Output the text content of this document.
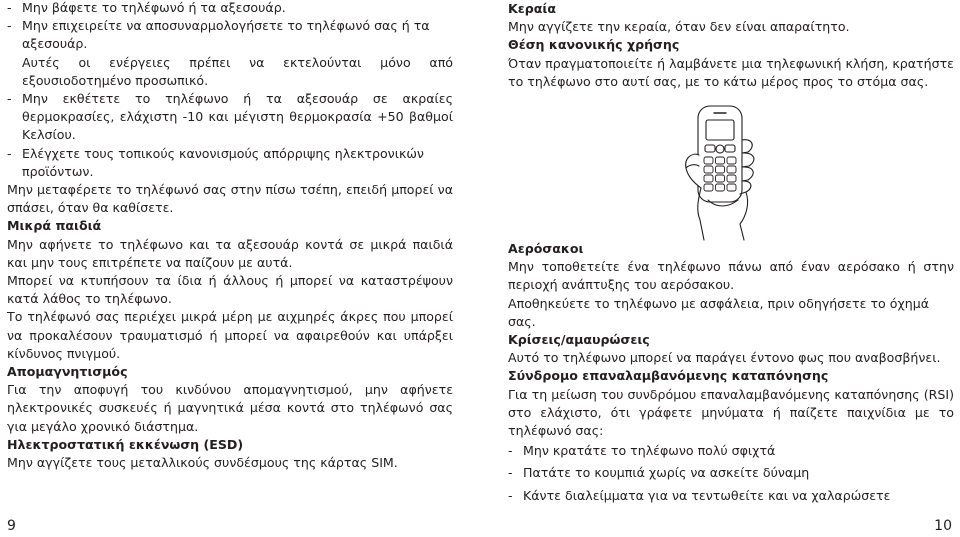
- Μην βάφετε το τηλέφωνό ή τα αξεσουάρ.

- Μην επιχειρείτε να αποσυναρμολογήσετε το τηλέφωνό σας ή τα αξεσουάρ.

Αυτές οι ενέργειες πρέπει να εκτελούνται μόνο από εξουσιοδοτημένο προσωπικό.

- Μην εκθέτετε το τηλέφωνο ή τα αξεσουάρ σε ακραίες θερμοκρασίες, ελάχιστη -10 και μέγιστη θερμοκρασία +50 βαθμοί Κελσίου.

- Ελέγχετε τους τοπικούς κανονισμούς απόρριψης ηλεκτρονικών προϊόντων.

Μην μεταφέρετε το τηλέφωνό σας στην πίσω τσέπη, επειδή μπορεί να σπάσει, όταν θα καθίσετε.

Μικρά παιδιά

Μην αφήνετε το τηλέφωνο και τα αξεσουάρ κοντά σε μικρά παιδιά και μην τους επιτρέπετε να παίζουν με αυτά.

Μπορεί να κτυπήσουν τα ίδια ή άλλους ή μπορεί να καταστρέψουν κατά λάθος το τηλέφωνο.

Το τηλέφωνό σας περιέχει μικρά μέρη με αιχμηρές άκρες που μπορεί να προκαλέσουν τραυματισμό ή μπορεί να αφαιρεθούν και υπάρξει κίνδυνος πνιγμού.

Απομαγνητισμός

Για την αποφυγή του κινδύνου απομαγνητισμού, μην αφήνετε ηλεκτρονικές συσκευές ή μαγνητικά μέσα κοντά στο τηλέφωνό σας για μεγάλο χρονικό διάστημα.

Ηλεκτροστατική εκκένωση (ESD)

Μην αγγίζετε τους μεταλλικούς συνδέσμους της κάρτας SIM.

Κεραία

Μην αγγίζετε την κεραία, όταν δεν είναι απαραίτητο.

Θέση κανονικής χρήσης

Όταν πραγματοποιείτε ή λαμβάνετε μια τηλεφωνική κλήση, κρατήστε το τηλέφωνο στο αυτί σας, με το κάτω μέρος προς το στόμα σας.

Αερόσακοι

Μην τοποθετείτε ένα τηλέφωνο πάνω από έναν αερόσακο ή στην περιοχή ανάπτυξης του αερόσακου.

Αποθηκεύετε το τηλέφωνο με ασφάλεια, πριν οδηγήσετε το όχημά σας.

Κρίσεις/αμαυρώσεις

Αυτό το τηλέφωνο μπορεί να παράγει έντονο φως που αναβοσβήνει.

Σύνδρομο επαναλαμβανόμενης καταπόνησης

Για τη μείωση του συνδρόμου επαναλαμβανόμενης καταπόνησης (RSI) στο ελάχιστο, ότι γράφετε μηνύματα ή παίζετε παιχνίδια με το τηλέφωνό σας:

- Μην κρατάτε το τηλέφωνο πολύ σφιχτά

- Πατάτε το κουμπιά χωρίς να ασκείτε δύναμη

- Κάντε διαλείμματα για να τεντωθείτε και να χαλαρώσετε

9	10
